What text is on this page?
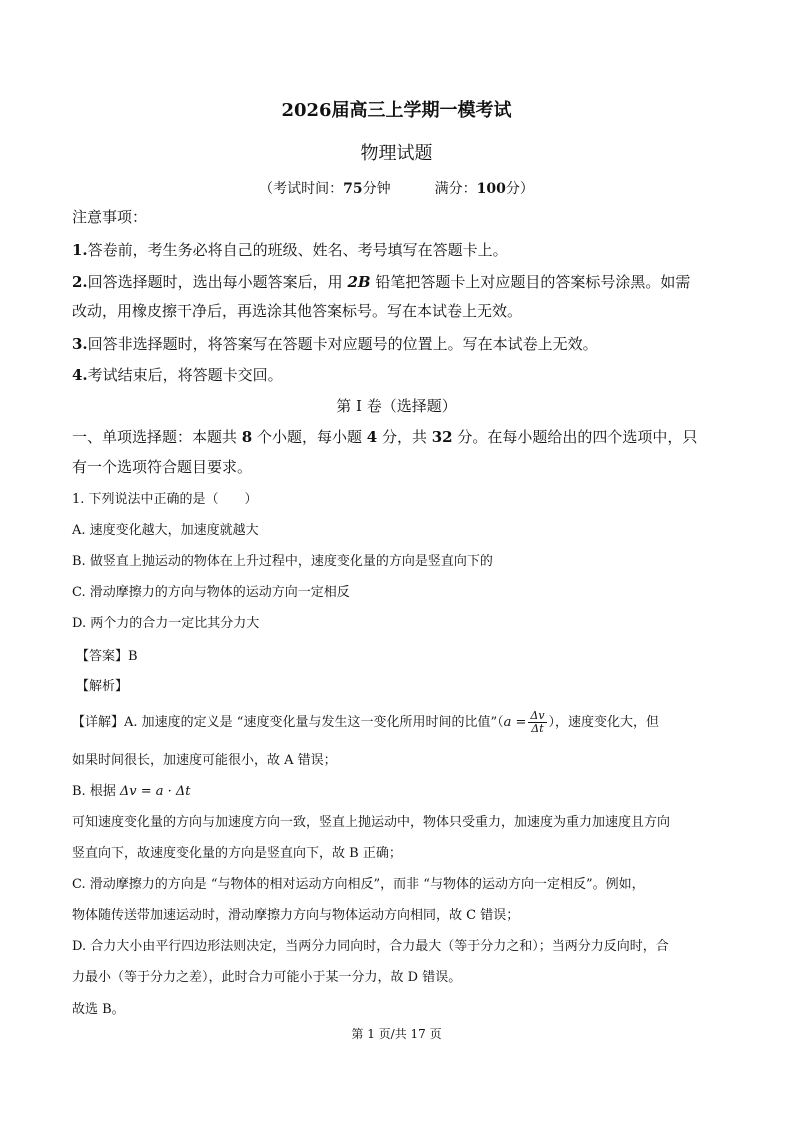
2026届高三上学期一模考试
物理试题
（考试时间：75分钟	满分：100分）
注意事项：
1.答卷前，考生务必将自己的班级、姓名、考号填写在答题卡上。
2.回答选择题时，选出每小题答案后，用 2B 铅笔把答题卡上对应题目的答案标号涂黑。如需
改动，用橡皮擦干净后，再选涂其他答案标号。写在本试卷上无效。
3.回答非选择题时，将答案写在答题卡对应题号的位置上。写在本试卷上无效。
4.考试结束后，将答题卡交回。
第 I 卷（选择题）
一、单项选择题：本题共 8 个小题，每小题 4 分，共 32 分。在每小题给出的四个选项中，只
有一个选项符合题目要求。
1. 下列说法中正确的是（　　）
A. 速度变化越大，加速度就越大
B. 做竖直上抛运动的物体在上升过程中，速度变化量的方向是竖直向下的
C. 滑动摩擦力的方向与物体的运动方向一定相反
D. 两个力的合力一定比其分力大
【答案】B
【解析】
【详解】A. 加速度的定义是 “速度变化量与发生这一变化所用时间的比值”（a = $\frac{\Delta v}{\Delta t}$ ），速度变化大，但
如果时间很长，加速度可能很小，故 A 错误；
B. 根据 Δv = a · Δt
可知速度变化量的方向与加速度方向一致，竖直上抛运动中，物体只受重力，加速度为重力加速度且方向
竖直向下，故速度变化量的方向是竖直向下，故 B 正确；
C. 滑动摩擦力的方向是 “与物体的相对运动方向相反”，而非 “与物体的运动方向一定相反”。例如，
物体随传送带加速运动时，滑动摩擦力方向与物体运动方向相同，故 C 错误；
D. 合力大小由平行四边形法则决定，当两分力同向时，合力最大（等于分力之和）；当两分力反向时，合
力最小（等于分力之差），此时合力可能小于某一分力，故 D 错误。
故选 B。
第 1 页/共 17 页
